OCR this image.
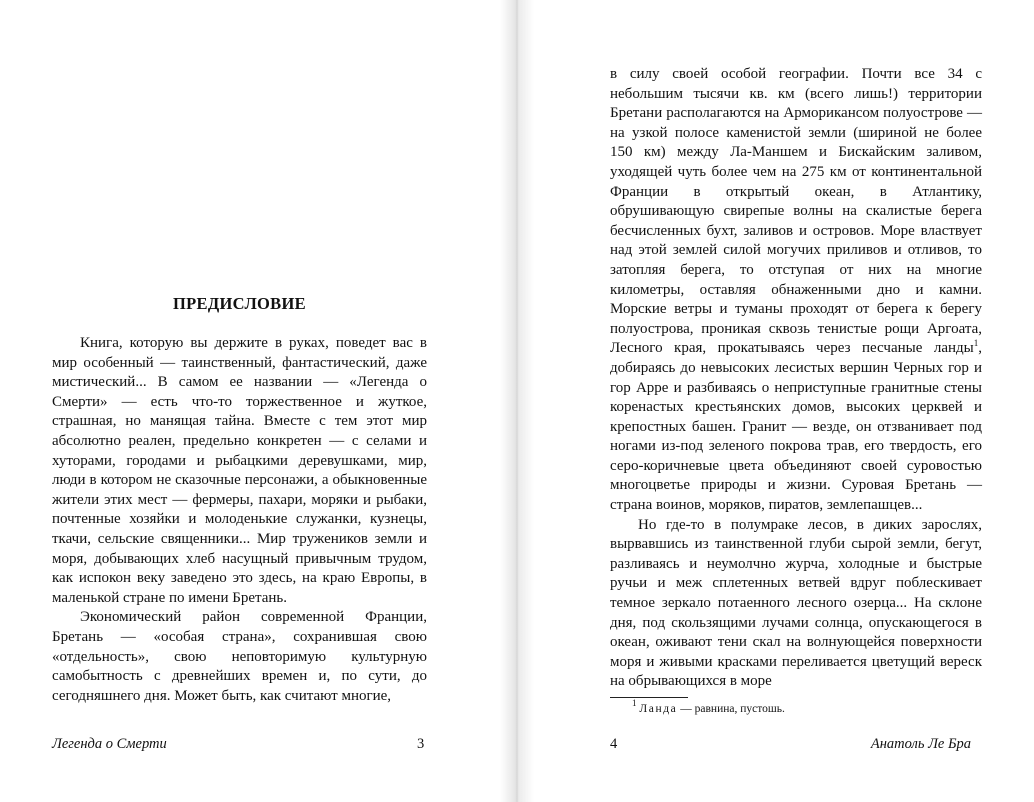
ПРЕДИСЛОВИЕ

Книга, которую вы держите в руках, поведет вас в мир особенный — таинственный, фантастический, даже мистический... В самом ее названии — «Легенда о Смерти» — есть что-то торжественное и жуткое, страшная, но манящая тайна. Вместе с тем этот мир абсолютно реален, предельно конкретен — с селами и хуторами, городами и рыбацкими деревушками, мир, люди в котором не сказочные персонажи, а обыкновенные жители этих мест — фермеры, пахари, моряки и рыбаки, почтенные хозяйки и молоденькие служанки, кузнецы, ткачи, сельские священники... Мир тружеников земли и моря, добывающих хлеб насущный привычным трудом, как испокон веку заведено это здесь, на краю Европы, в маленькой стране по имени Бретань.

Экономический район современной Франции, Бретань — «особая страна», сохранившая свою «отдельность», свою неповторимую культурную самобытность с древнейших времен и, по сути, до сегодняшнего дня. Может быть, как считают многие,

Легенда о Смерти	3

в силу своей особой географии. Почти все 34 с небольшим тысячи кв. км (всего лишь!) территории Бретани располагаются на Арморикансом полуострове — на узкой полосе каменистой земли (шириной не более 150 км) между Ла-Маншем и Бискайским заливом, уходящей чуть более чем на 275 км от континентальной Франции в открытый океан, в Атлантику, обрушивающую свирепые волны на скалистые берега бесчисленных бухт, заливов и островов. Море властвует над этой землей силой могучих приливов и отливов, то затопляя берега, то отступая от них на многие километры, оставляя обнаженными дно и камни. Морские ветры и туманы проходят от берега к берегу полуострова, проникая сквозь тенистые рощи Аргоата, Лесного края, прокатываясь через песчаные ланды$^1$, добираясь до невысоких лесистых вершин Черных гор и гор Арре и разбиваясь о неприступные гранитные стены коренастых крестьянских домов, высоких церквей и крепостных башен. Гранит — везде, он отзванивает под ногами из-под зеленого покрова трав, его твердость, его серо-коричневые цвета объединяют своей суровостью многоцветье природы и жизни. Суровая Бретань — страна воинов, моряков, пиратов, землепашцев...

Но где-то в полумраке лесов, в диких зарослях, вырвавшись из таинственной глуби сырой земли, бегут, разливаясь и неумолчно журча, холодные и быстрые ручьи и меж сплетенных ветвей вдруг поблескивает темное зеркало потаенного лесного озерца... На склоне дня, под скользящими лучами солнца, опускающегося в океан, оживают тени скал на волнующейся поверхности моря и живыми красками переливается цветущий вереск на обрывающихся в море

$^1$ Ланда — равнина, пустошь.
4	Анатоль Ле Бра
